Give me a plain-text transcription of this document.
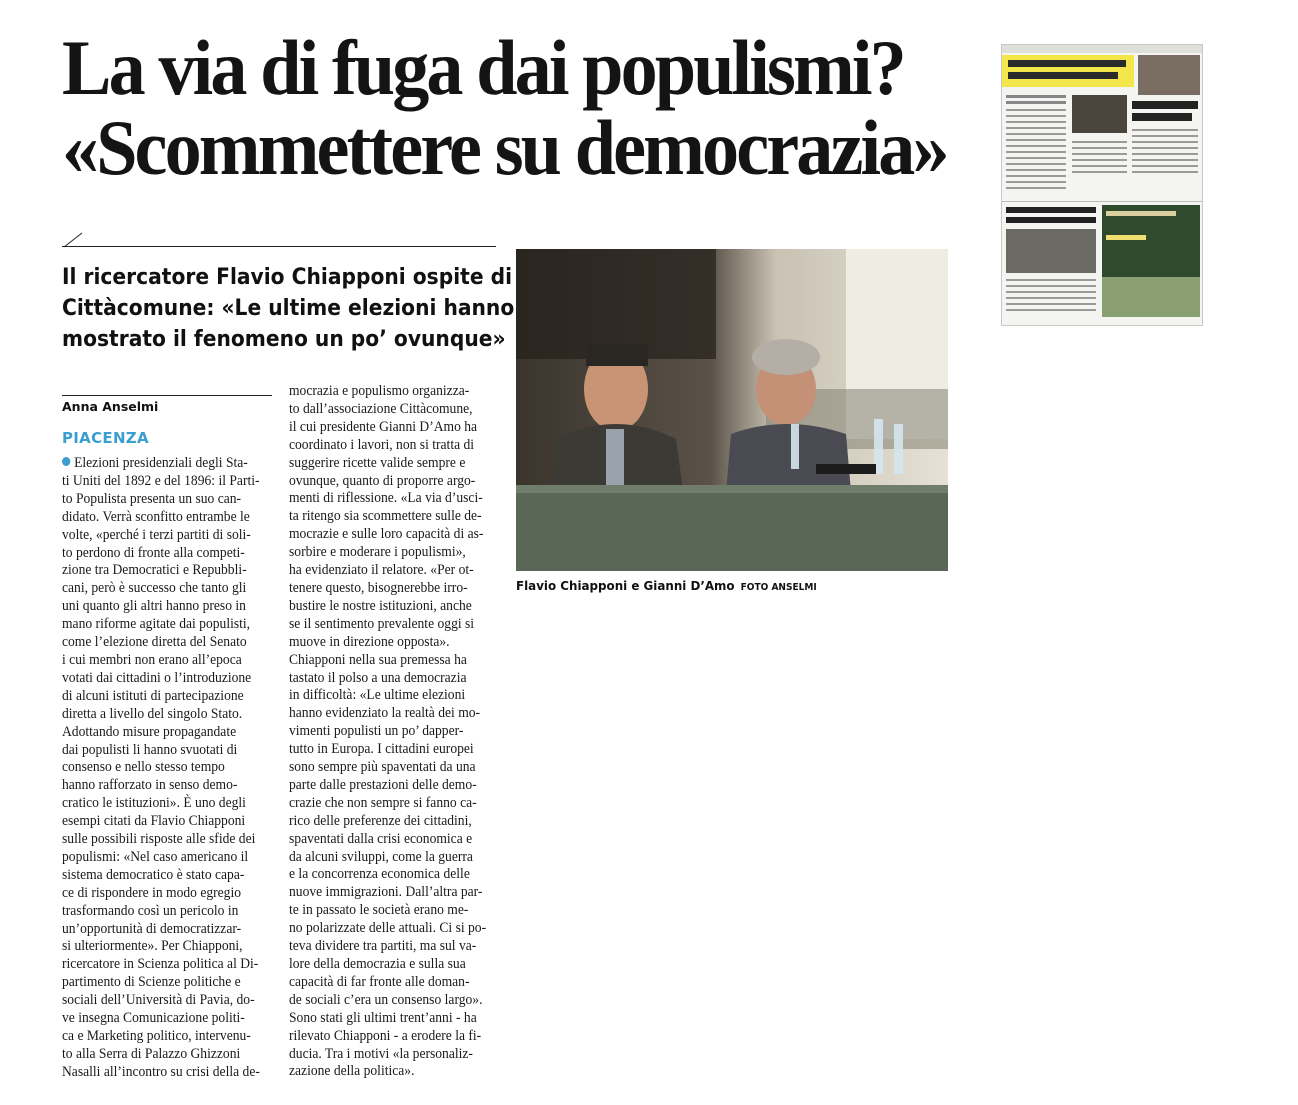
La via di fuga dai populismi?
«Scommettere su democrazia»
Il ricercatore Flavio Chiapponi ospite di
Cittàcomune: «Le ultime elezioni hanno
mostrato il fenomeno un po’ ovunque»
Anna Anselmi
PIACENZA
Elezioni presidenziali degli Sta-
ti Uniti del 1892 e del 1896: il Parti-
to Populista presenta un suo can-
didato. Verrà sconfitto entrambe le
volte, «perché i terzi partiti di soli-
to perdono di fronte alla competi-
zione tra Democratici e Repubbli-
cani, però è successo che tanto gli
uni quanto gli altri hanno preso in
mano riforme agitate dai populisti,
come l’elezione diretta del Senato
i cui membri non erano all’epoca
votati dai cittadini o l’introduzione
di alcuni istituti di partecipazione
diretta a livello del singolo Stato.
Adottando misure propagandate
dai populisti li hanno svuotati di
consenso e nello stesso tempo
hanno rafforzato in senso demo-
cratico le istituzioni». È uno degli
esempi citati da Flavio Chiapponi
sulle possibili risposte alle sfide dei
populismi: «Nel caso americano il
sistema democratico è stato capa-
ce di rispondere in modo egregio
trasformando così un pericolo in
un’opportunità di democratizzar-
si ulteriormente». Per Chiapponi,
ricercatore in Scienza politica al Di-
partimento di Scienze politiche e
sociali dell’Università di Pavia, do-
ve insegna Comunicazione politi-
ca e Marketing politico, intervenu-
to alla Serra di Palazzo Ghizzoni
Nasalli all’incontro su crisi della de-
mocrazia e populismo organizza-
to dall’associazione Cittàcomune,
il cui presidente Gianni D’Amo ha
coordinato i lavori, non si tratta di
suggerire ricette valide sempre e
ovunque, quanto di proporre argo-
menti di riflessione. «La via d’usci-
ta ritengo sia scommettere sulle de-
mocrazie e sulle loro capacità di as-
sorbire e moderare i populismi»,
ha evidenziato il relatore. «Per ot-
tenere questo, bisognerebbe irro-
bustire le nostre istituzioni, anche
se il sentimento prevalente oggi si
muove in direzione opposta».
Chiapponi nella sua premessa ha
tastato il polso a una democrazia
in difficoltà: «Le ultime elezioni
hanno evidenziato la realtà dei mo-
vimenti populisti un po’ dapper-
tutto in Europa. I cittadini europei
sono sempre più spaventati da una
parte dalle prestazioni delle demo-
crazie che non sempre si fanno ca-
rico delle preferenze dei cittadini,
spaventati dalla crisi economica e
da alcuni sviluppi, come la guerra
e la concorrenza economica delle
nuove immigrazioni. Dall’altra par-
te in passato le società erano me-
no polarizzate delle attuali. Ci si po-
teva dividere tra partiti, ma sul va-
lore della democrazia e sulla sua
capacità di far fronte alle doman-
de sociali c’era un consenso largo».
Sono stati gli ultimi trent’anni - ha
rilevato Chiapponi - a erodere la fi-
ducia. Tra i motivi «la personaliz-
zazione della politica».
Flavio Chiapponi e Gianni D’Amo FOTO ANSELMI
